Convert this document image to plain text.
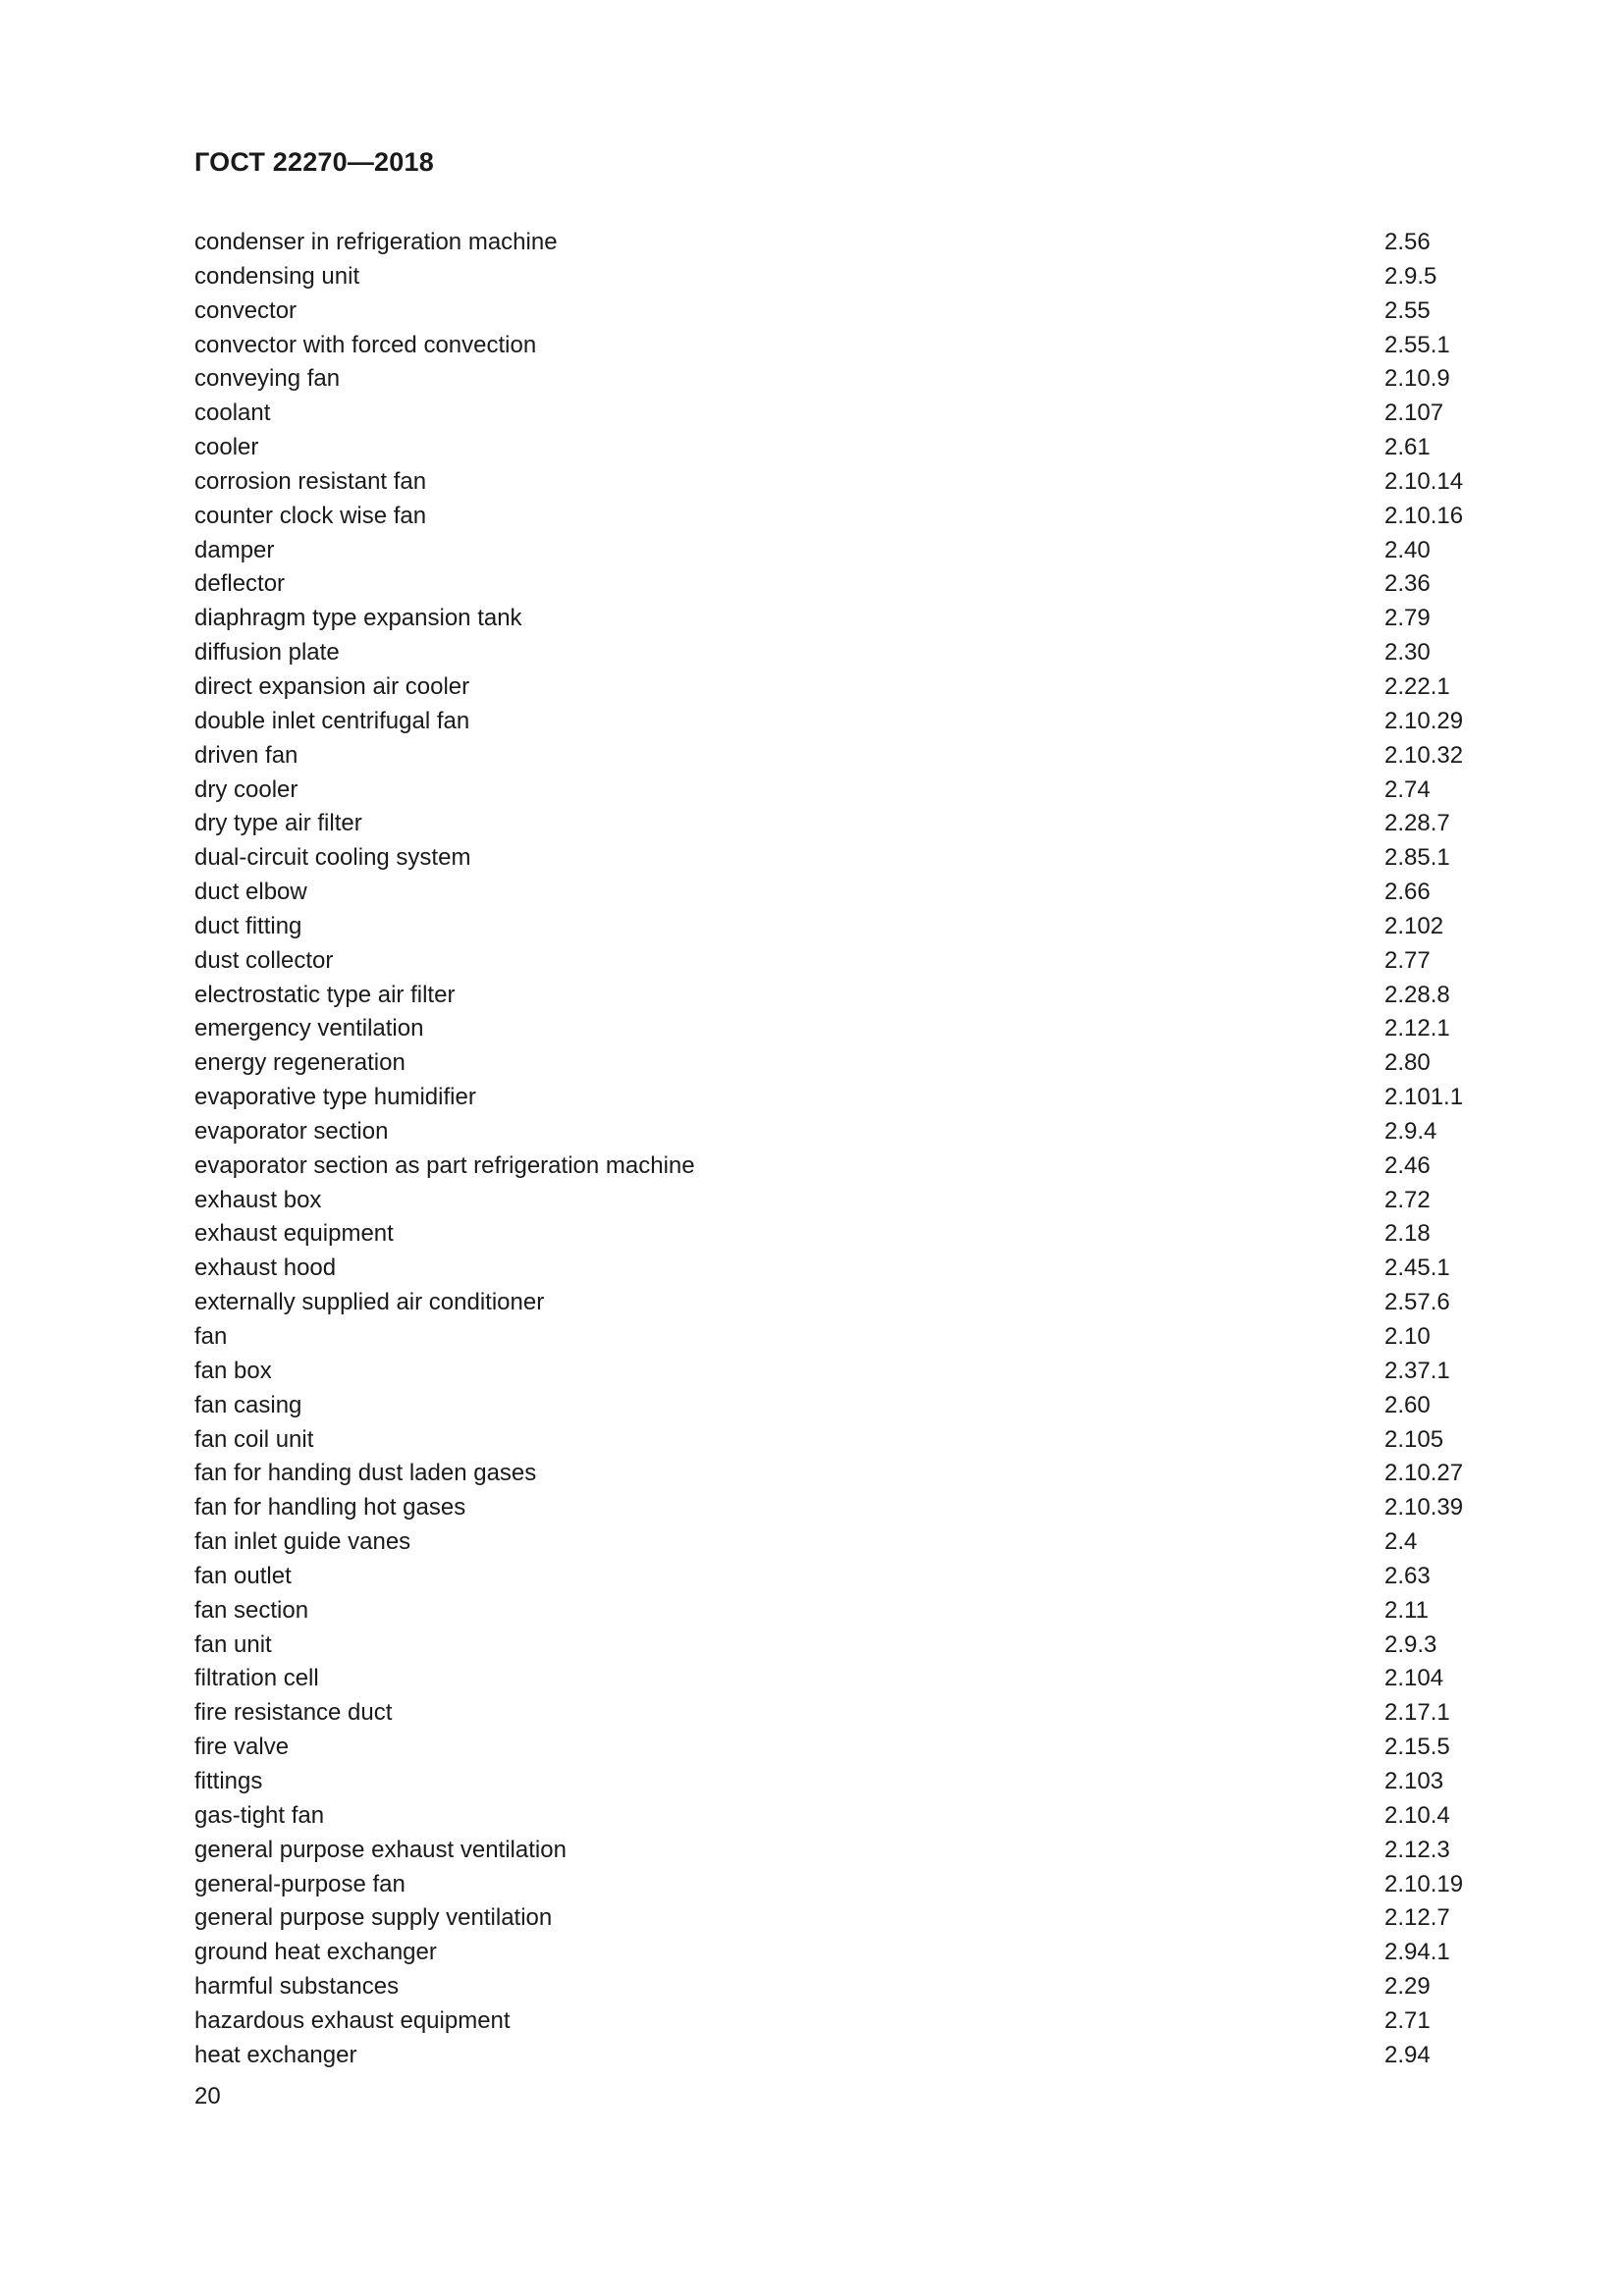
ГОСТ 22270—2018
condenser in refrigeration machine	2.56
condensing unit	2.9.5
convector	2.55
convector with forced convection	2.55.1
conveying fan	2.10.9
coolant	2.107
cooler	2.61
corrosion resistant fan	2.10.14
counter clock wise fan	2.10.16
damper	2.40
deflector	2.36
diaphragm type expansion tank	2.79
diffusion plate	2.30
direct expansion air cooler	2.22.1
double inlet centrifugal fan	2.10.29
driven fan	2.10.32
dry cooler	2.74
dry type air filter	2.28.7
dual-circuit cooling system	2.85.1
duct elbow	2.66
duct fitting	2.102
dust collector	2.77
electrostatic type air filter	2.28.8
emergency ventilation	2.12.1
energy regeneration	2.80
evaporative type humidifier	2.101.1
evaporator section	2.9.4
evaporator section as part refrigeration machine	2.46
exhaust box	2.72
exhaust equipment	2.18
exhaust hood	2.45.1
externally supplied air conditioner	2.57.6
fan	2.10
fan box	2.37.1
fan casing	2.60
fan coil unit	2.105
fan for handing dust laden gases	2.10.27
fan for handling hot gases	2.10.39
fan inlet guide vanes	2.4
fan outlet	2.63
fan section	2.11
fan unit	2.9.3
filtration cell	2.104
fire resistance duct	2.17.1
fire valve	2.15.5
fittings	2.103
gas-tight fan	2.10.4
general purpose exhaust ventilation	2.12.3
general-purpose fan	2.10.19
general purpose supply ventilation	2.12.7
ground heat exchanger	2.94.1
harmful substances	2.29
hazardous exhaust equipment	2.71
heat exchanger	2.94
20
